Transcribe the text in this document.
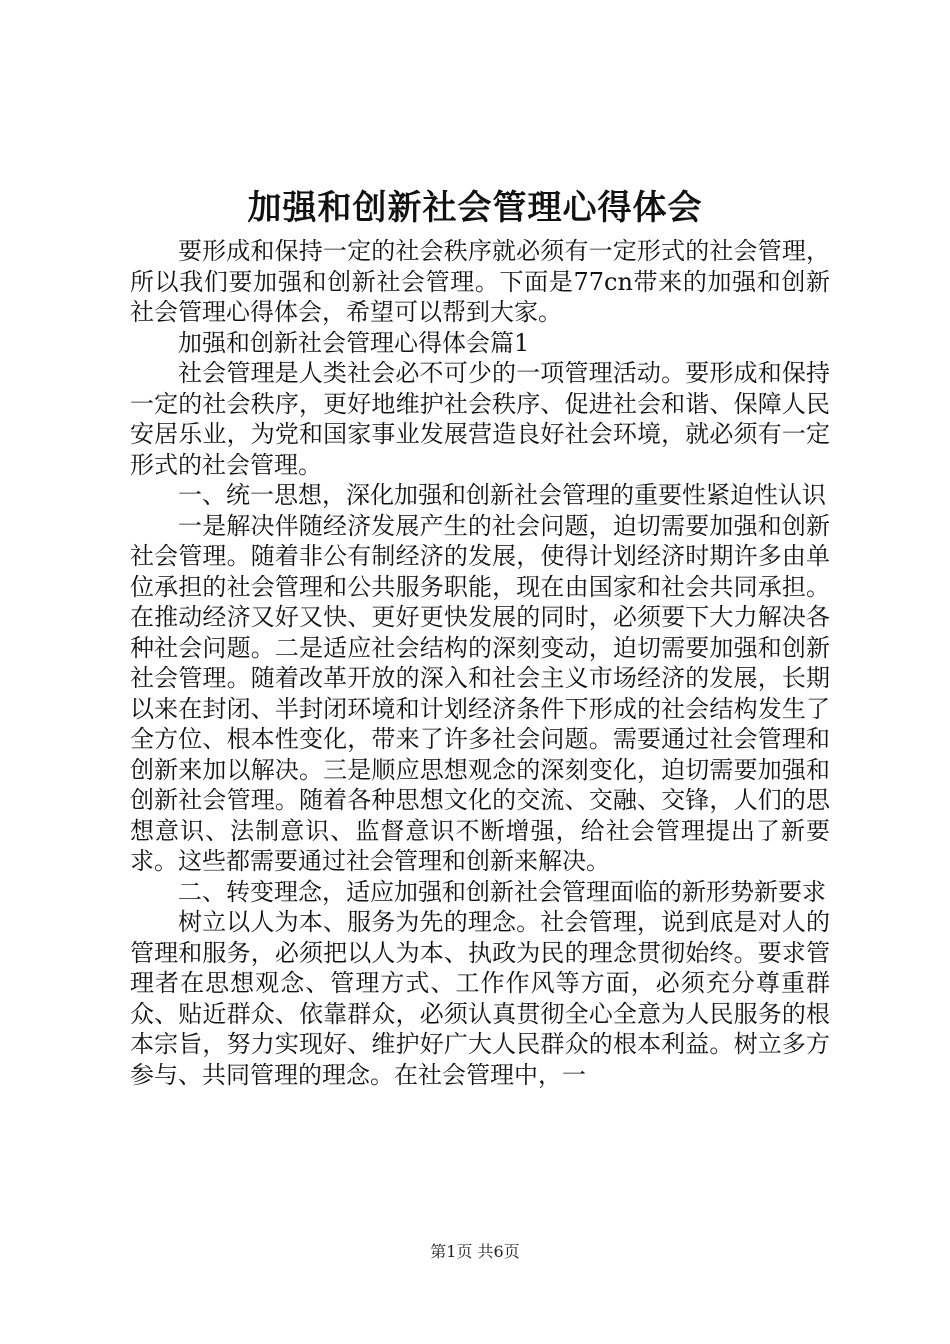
加强和创新社会管理心得体会

要形成和保持一定的社会秩序就必须有一定形式的社会管理，所以我们要加强和创新社会管理。下面是77cn带来的加强和创新社会管理心得体会，希望可以帮到大家。

加强和创新社会管理心得体会篇1

社会管理是人类社会必不可少的一项管理活动。要形成和保持一定的社会秩序，更好地维护社会秩序、促进社会和谐、保障人民安居乐业，为党和国家事业发展营造良好社会环境，就必须有一定形式的社会管理。

一、统一思想，深化加强和创新社会管理的重要性紧迫性认识

一是解决伴随经济发展产生的社会问题，迫切需要加强和创新社会管理。随着非公有制经济的发展，使得计划经济时期许多由单位承担的社会管理和公共服务职能，现在由国家和社会共同承担。在推动经济又好又快、更好更快发展的同时，必须要下大力解决各种社会问题。二是适应社会结构的深刻变动，迫切需要加强和创新社会管理。随着改革开放的深入和社会主义市场经济的发展，长期以来在封闭、半封闭环境和计划经济条件下形成的社会结构发生了全方位、根本性变化，带来了许多社会问题。需要通过社会管理和创新来加以解决。三是顺应思想观念的深刻变化，迫切需要加强和创新社会管理。随着各种思想文化的交流、交融、交锋，人们的思想意识、法制意识、监督意识不断增强，给社会管理提出了新要求。这些都需要通过社会管理和创新来解决。

二、转变理念，适应加强和创新社会管理面临的新形势新要求

树立以人为本、服务为先的理念。社会管理，说到底是对人的管理和服务，必须把以人为本、执政为民的理念贯彻始终。要求管理者在思想观念、管理方式、工作作风等方面，必须充分尊重群众、贴近群众、依靠群众，必须认真贯彻全心全意为人民服务的根本宗旨，努力实现好、维护好广大人民群众的根本利益。树立多方参与、共同管理的理念。在社会管理中，一

第1页 共6页
